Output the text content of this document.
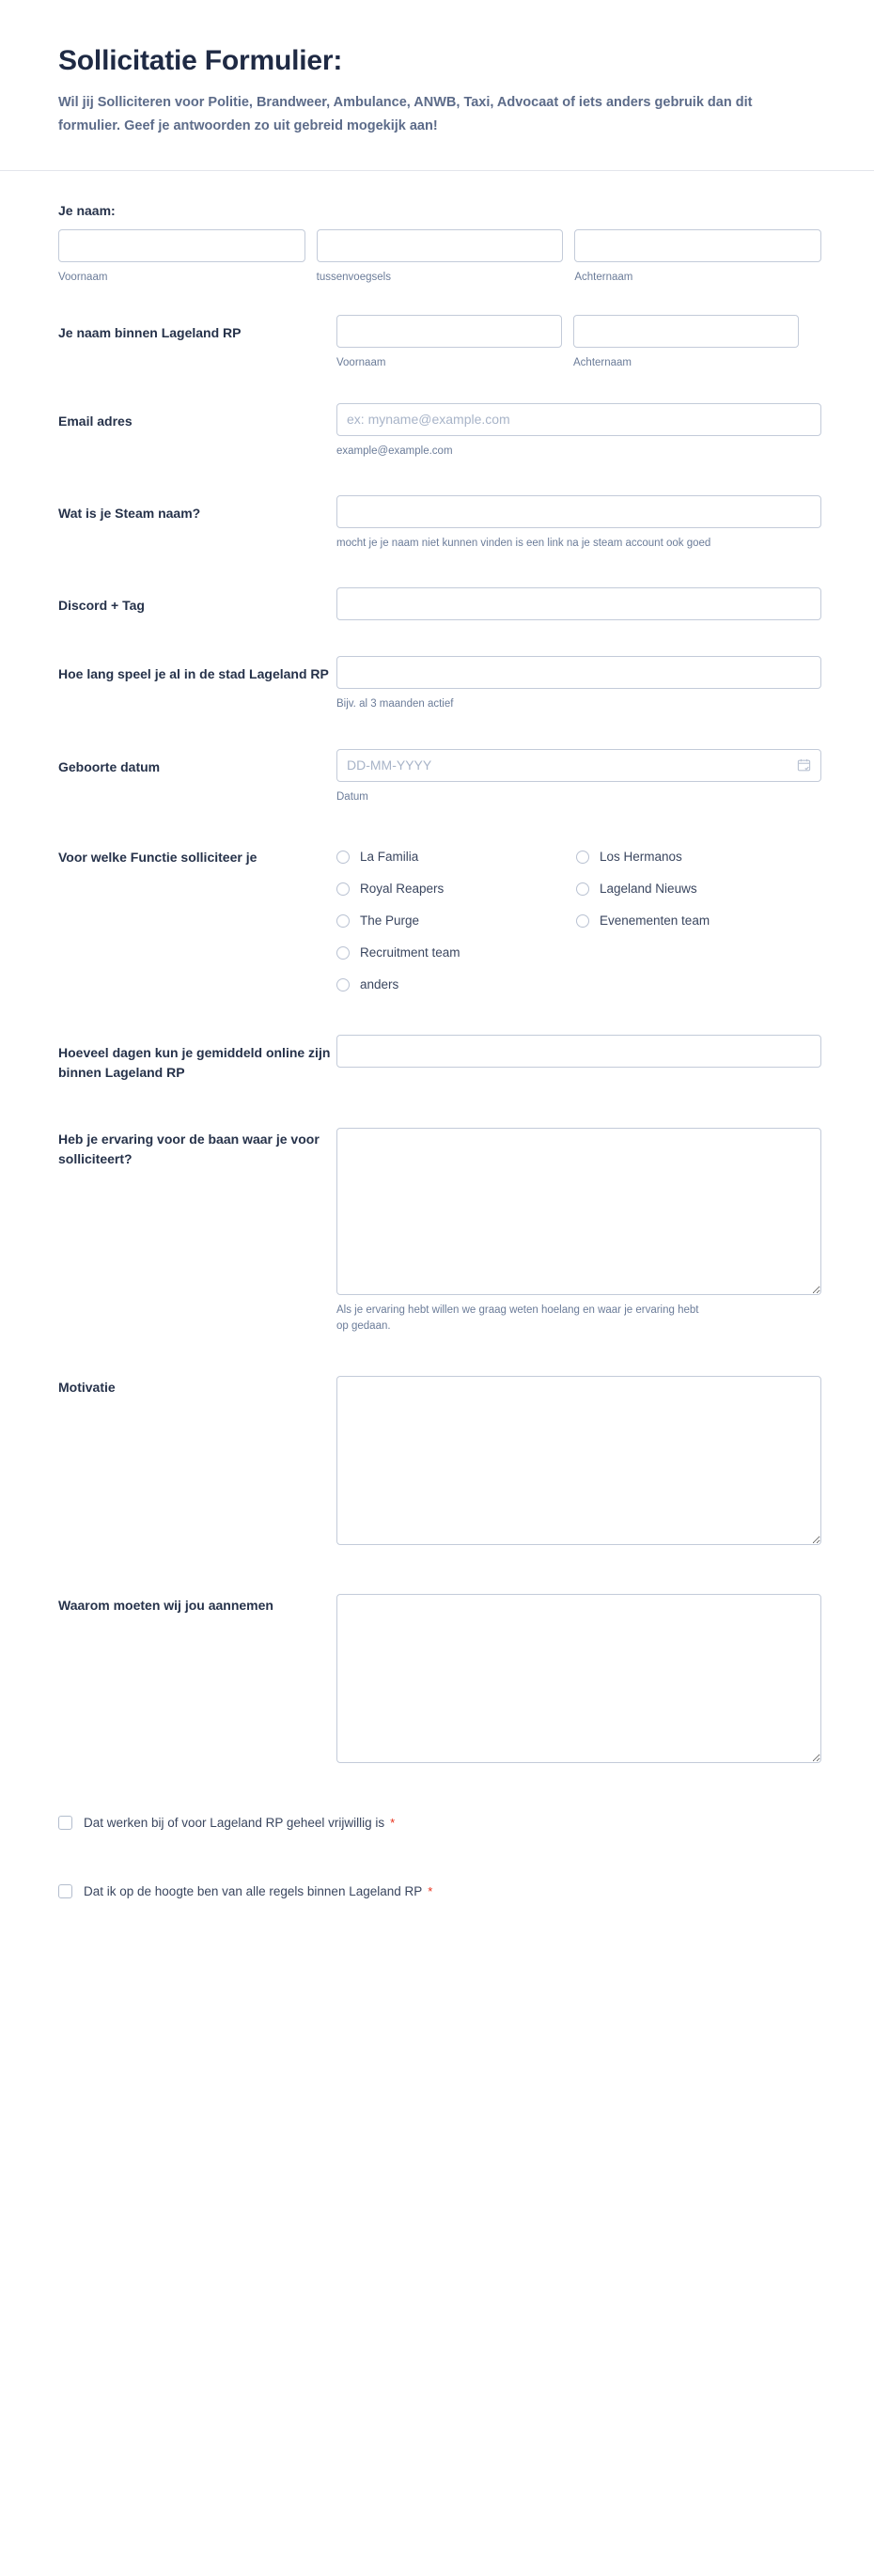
Sollicitatie Formulier:

Wil jij Solliciteren voor Politie, Brandweer, Ambulance, ANWB, Taxi, Advocaat of iets anders gebruik dan dit formulier. Geef je antwoorden zo uit gebreid mogekijk aan!

Je naam:
Voornaam	tussenvoegsels	Achternaam
Je naam binnen Lageland RP
Voornaam	Achternaam
Email adres
ex: myname@example.com
example@example.com
Wat is je Steam naam?
mocht je je naam niet kunnen vinden is een link na je steam account ook goed
Discord + Tag
Hoe lang speel je al in de stad Lageland RP
Bijv. al 3 maanden actief
Geboorte datum
DD-MM-YYYY
Datum
Voor welke Functie solliciteer je	La Familia
Royal Reapers
The Purge
Recruitment team
anders
Los Hermanos
Lageland Nieuws
Evenementen team
Hoeveel dagen kun je gemiddeld online zijn binnen Lageland RP
Heb je ervaring voor de baan waar je voor solliciteert?
Als je ervaring hebt willen we graag weten hoelang en waar je ervaring hebt op gedaan.
Motivatie
Waarom moeten wij jou aannemen
Dat werken bij of voor Lageland RP geheel vrijwillig is *
Dat ik op de hoogte ben van alle regels binnen Lageland RP *
